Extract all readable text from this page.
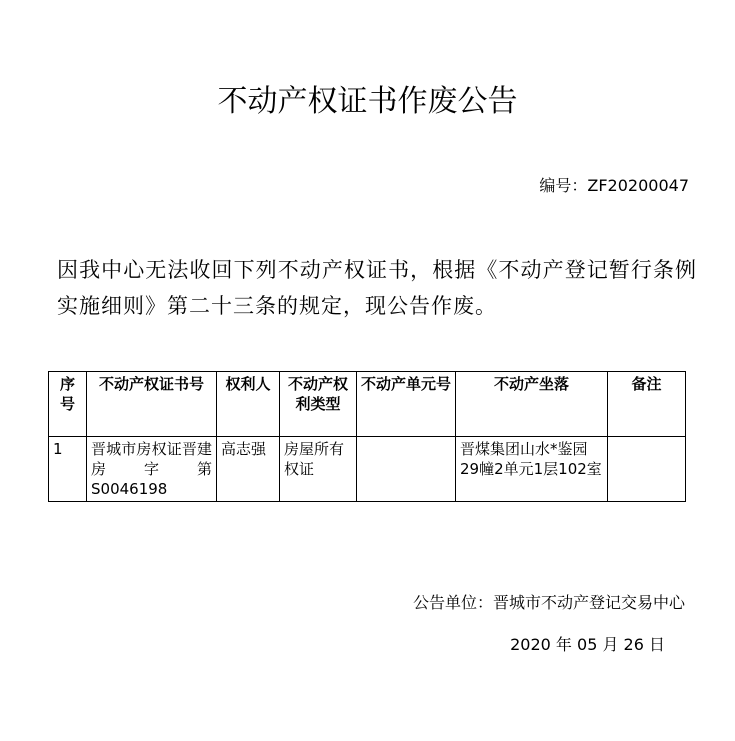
不动产权证书作废公告
编号：ZF20200047
因我中心无法收回下列不动产权证书，根据《不动产登记暂行条例实施细则》第二十三条的规定，现公告作废。
序号	不动产权证书号	权利人	不动产权利类型	不动产单元号	不动产坐落	备注
1	晋城市房权证晋建房字第S0046198	高志强	房屋所有权证		晋煤集团山水*鉴园29幢2单元1层102室	
公告单位：晋城市不动产登记交易中心
2020 年 05 月 26 日
